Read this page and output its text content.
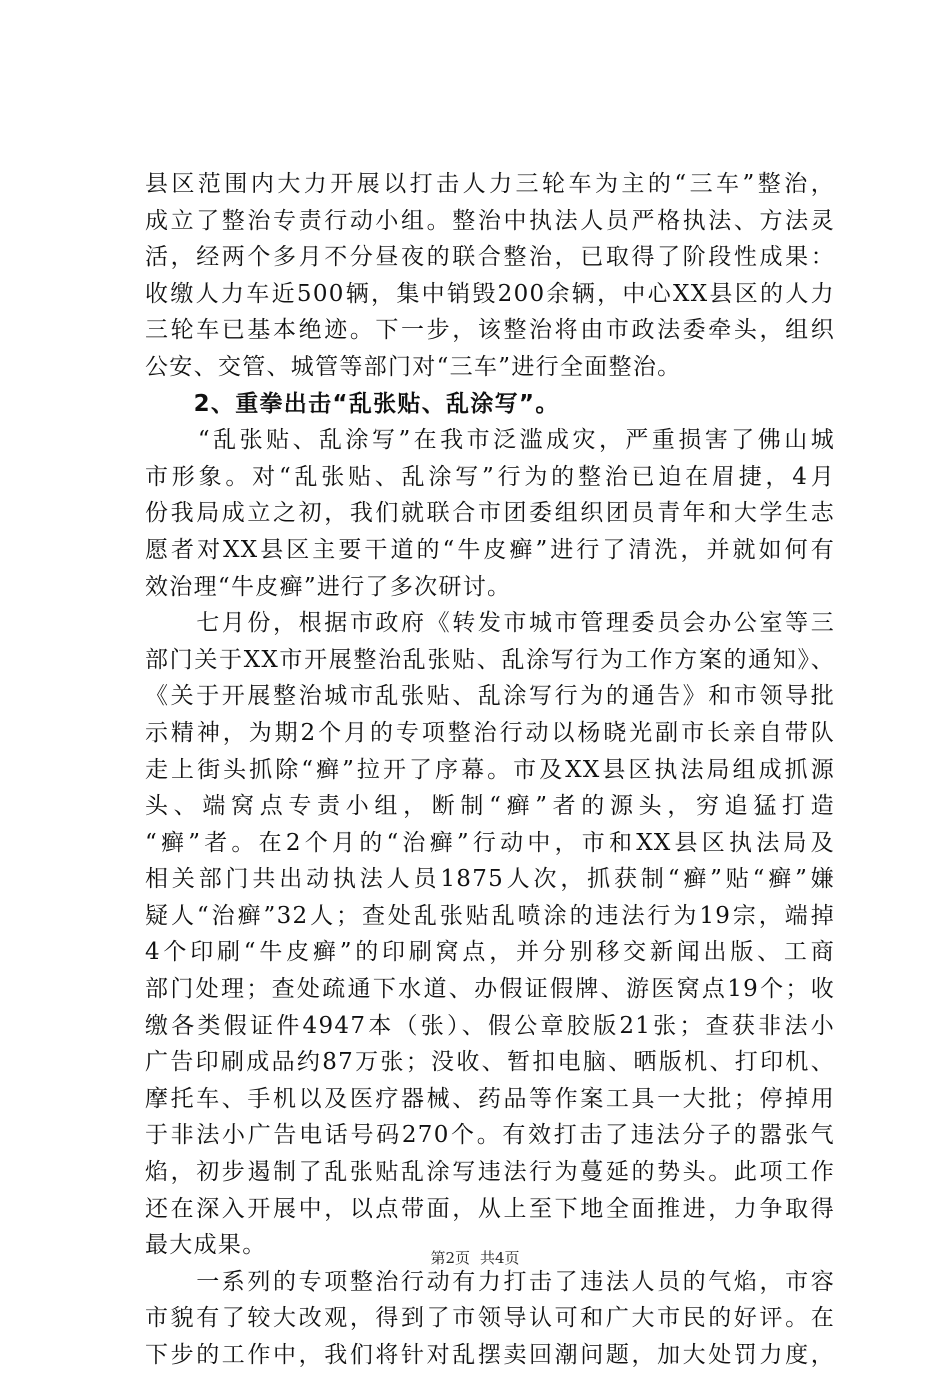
县区范围内大力开展以打击人力三轮车为主的“三车”整治，
成立了整治专责行动小组。整治中执法人员严格执法、方法灵
活，经两个多月不分昼夜的联合整治，已取得了阶段性成果：
收缴人力车近500辆，集中销毁200余辆，中心XX县区的人力
三轮车已基本绝迹。下一步，该整治将由市政法委牵头，组织
公安、交管、城管等部门对“三车”进行全面整治。
　　2、重拳出击“乱张贴、乱涂写”。
　　“乱张贴、乱涂写”在我市泛滥成灾，严重损害了佛山城
市形象。对“乱张贴、乱涂写”行为的整治已迫在眉捷，4月
份我局成立之初，我们就联合市团委组织团员青年和大学生志
愿者对XX县区主要干道的“牛皮癣”进行了清洗，并就如何有
效治理“牛皮癣”进行了多次研讨。
　　七月份，根据市政府《转发市城市管理委员会办公室等三
部门关于XX市开展整治乱张贴、乱涂写行为工作方案的通知》、
《关于开展整治城市乱张贴、乱涂写行为的通告》和市领导批
示精神，为期2个月的专项整治行动以杨晓光副市长亲自带队
走上街头抓除“癣”拉开了序幕。市及XX县区执法局组成抓源
头、端窝点专责小组，断制“癣”者的源头，穷追猛打造
“癣”者。在2个月的“治癣”行动中，市和XX县区执法局及
相关部门共出动执法人员1875人次，抓获制“癣”贴“癣”嫌
疑人“治癣”32人；查处乱张贴乱喷涂的违法行为19宗，端掉
4个印刷“牛皮癣”的印刷窝点，并分别移交新闻出版、工商
部门处理；查处疏通下水道、办假证假牌、游医窝点19个；收
缴各类假证件4947本（张）、假公章胶版21张；查获非法小
广告印刷成品约87万张；没收、暂扣电脑、晒版机、打印机、
摩托车、手机以及医疗器械、药品等作案工具一大批；停掉用
于非法小广告电话号码270个。有效打击了违法分子的嚣张气
焰，初步遏制了乱张贴乱涂写违法行为蔓延的势头。此项工作
还在深入开展中，以点带面，从上至下地全面推进，力争取得
最大成果。
　　一系列的专项整治行动有力打击了违法人员的气焰，市容
市貌有了较大改观，得到了市领导认可和广大市民的好评。在
下步的工作中，我们将针对乱摆卖回潮问题，加大处罚力度，
第2页 共4页
